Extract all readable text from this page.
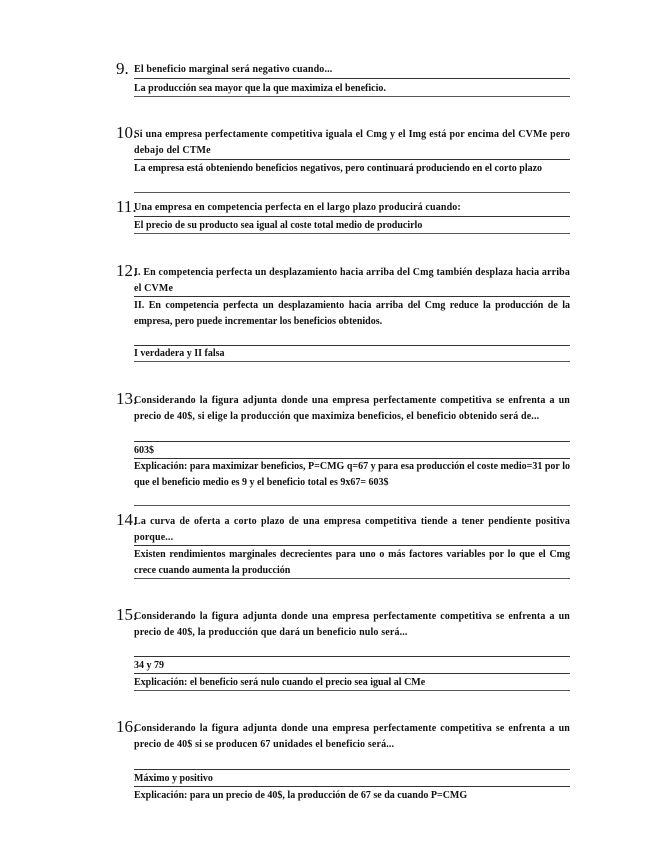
9. El beneficio marginal será negativo cuando...
La producción sea mayor que la que maximiza el beneficio.
10.
Si una empresa perfectamente competitiva iguala el Cmg y el Img está por encima del CVMe pero debajo del CTMe
La empresa está obteniendo beneficios negativos, pero continuará produciendo en el corto plazo
11.
Una empresa en competencia perfecta en el largo plazo producirá cuando:
El precio de su producto sea igual al coste total medio de producirlo
12.
I. En competencia perfecta un desplazamiento hacia arriba del Cmg también desplaza hacia arriba el CVMe
II. En competencia perfecta un desplazamiento hacia arriba del Cmg reduce la producción de la empresa, pero puede incrementar los beneficios obtenidos.
I verdadera y II falsa
13.
Considerando la figura adjunta donde una empresa perfectamente competitiva se enfrenta a un precio de 40$, si elige la producción que maximiza beneficios, el beneficio obtenido será de...
603$
Explicación: para maximizar beneficios, P=CMG q=67 y para esa producción el coste medio=31 por lo que el beneficio medio es 9 y el beneficio total es 9x67= 603$
14.
La curva de oferta a corto plazo de una empresa competitiva tiende a tener pendiente positiva porque...
Existen rendimientos marginales decrecientes para uno o más factores variables por lo que el Cmg crece cuando aumenta la producción
15.
Considerando la figura adjunta donde una empresa perfectamente competitiva se enfrenta a un precio de 40$, la producción que dará un beneficio nulo será...
34 y 79
Explicación: el beneficio será nulo cuando el precio sea igual al CMe
16.
Considerando la figura adjunta donde una empresa perfectamente competitiva se enfrenta a un precio de 40$ si se producen 67 unidades el beneficio será...
Máximo y positivo
Explicación: para un precio de 40$, la producción de 67 se da cuando P=CMG
